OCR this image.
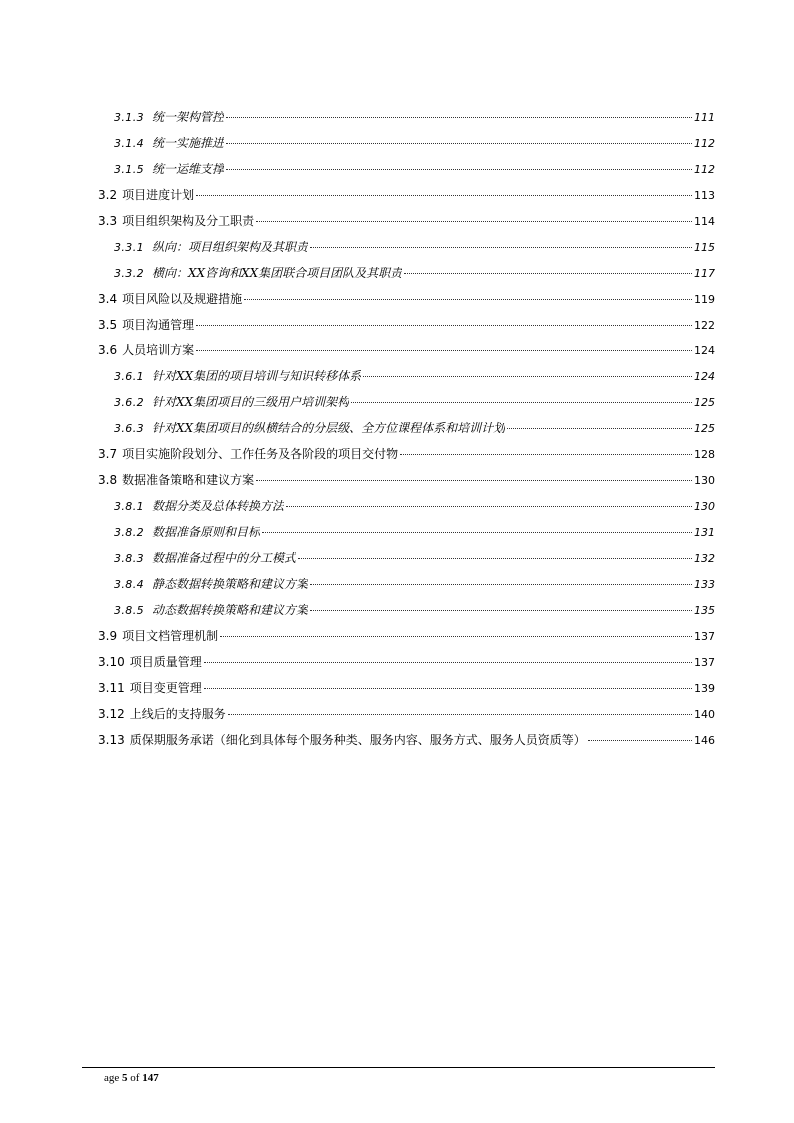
3.1.3 统一架构管控	111
3.1.4 统一实施推进	112
3.1.5 统一运维支撑	112
3.2 项目进度计划	113
3.3 项目组织架构及分工职责	114
3.3.1 纵向：项目组织架构及其职责	115
3.3.2 横向：XX咨询和XX集团联合项目团队及其职责	117
3.4 项目风险以及规避措施	119
3.5 项目沟通管理	122
3.6 人员培训方案	124
3.6.1 针对XX集团的项目培训与知识转移体系	124
3.6.2 针对XX集团项目的三级用户培训架构	125
3.6.3 针对XX集团项目的纵横结合的分层级、全方位课程体系和培训计划	125
3.7 项目实施阶段划分、工作任务及各阶段的项目交付物	128
3.8 数据准备策略和建议方案	130
3.8.1 数据分类及总体转换方法	130
3.8.2 数据准备原则和目标	131
3.8.3 数据准备过程中的分工模式	132
3.8.4 静态数据转换策略和建议方案	133
3.8.5 动态数据转换策略和建议方案	135
3.9 项目文档管理机制	137
3.10 项目质量管理	137
3.11 项目变更管理	139
3.12 上线后的支持服务	140
3.13 质保期服务承诺（细化到具体每个服务种类、服务内容、服务方式、服务人员资质等）	146
age 5 of 147
